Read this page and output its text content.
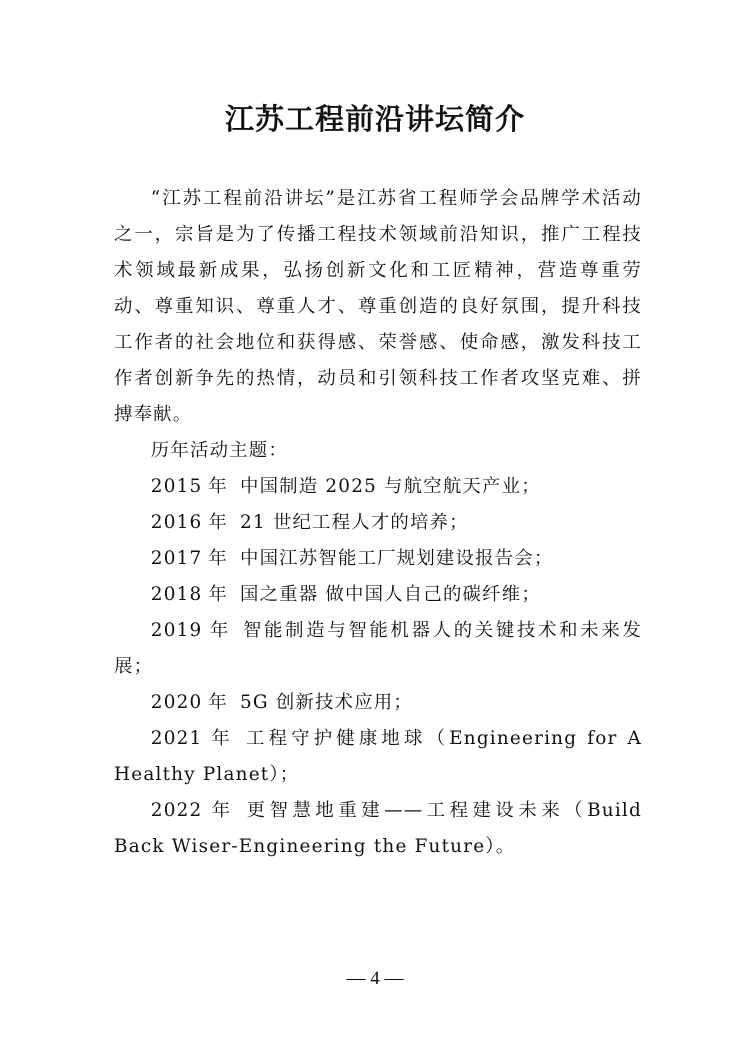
江苏工程前沿讲坛简介

“江苏工程前沿讲坛”是江苏省工程师学会品牌学术活动之一，宗旨是为了传播工程技术领域前沿知识，推广工程技术领域最新成果，弘扬创新文化和工匠精神，营造尊重劳动、尊重知识、尊重人才、尊重创造的良好氛围，提升科技工作者的社会地位和获得感、荣誉感、使命感，激发科技工作者创新争先的热情，动员和引领科技工作者攻坚克难、拼搏奉献。

历年活动主题：

2015 年 中国制造 2025 与航空航天产业；

2016 年 21 世纪工程人才的培养；

2017 年 中国江苏智能工厂规划建设报告会；

2018 年 国之重器 做中国人自己的碳纤维；

2019 年 智能制造与智能机器人的关键技术和未来发展；

2020 年 5G 创新技术应用；

2021 年 工程守护健康地球（Engineering for A Healthy Planet）；

2022 年 更智慧地重建——工程建设未来（Build Back Wiser-Engineering the Future）。

— 4 —
